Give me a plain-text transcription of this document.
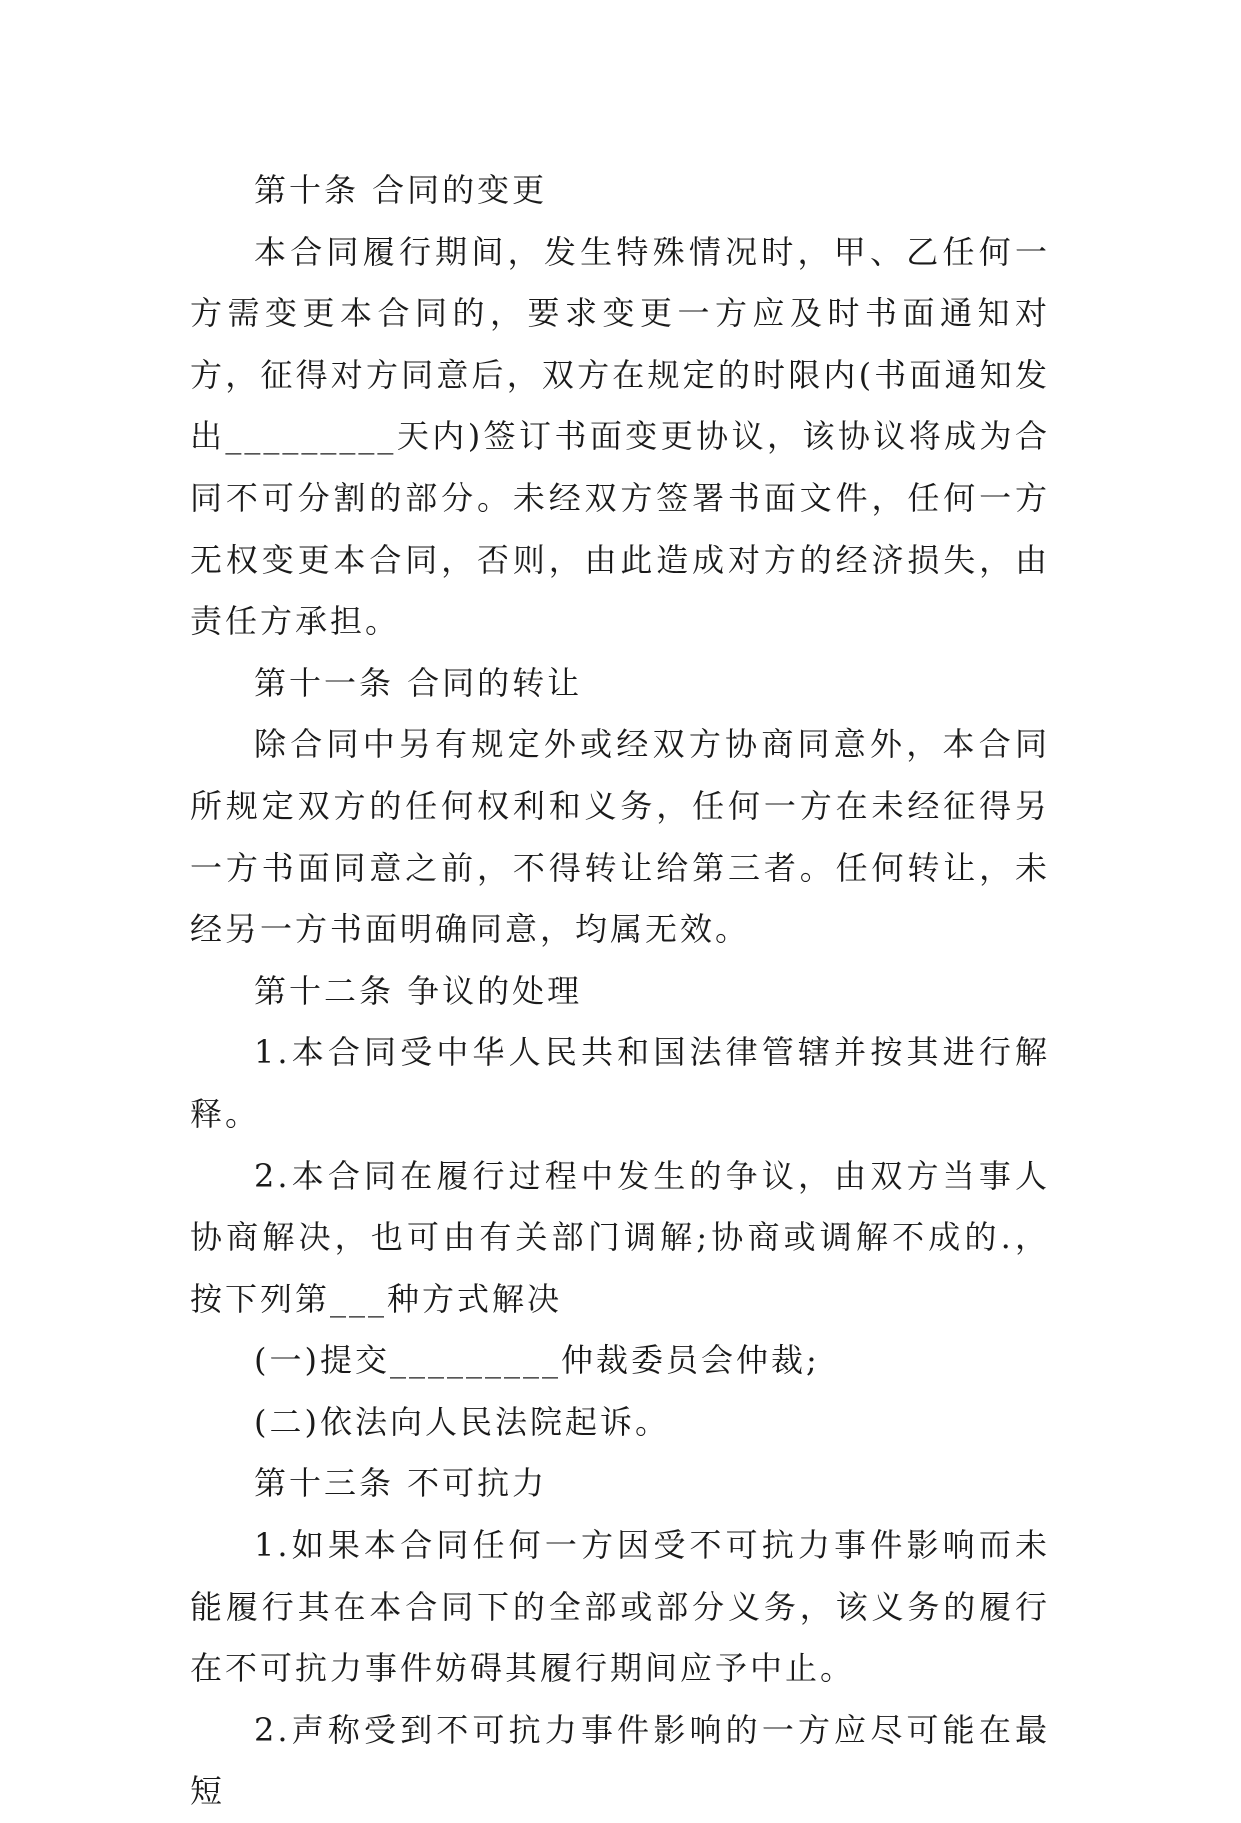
第十条 合同的变更

本合同履行期间，发生特殊情况时，甲、乙任何一方需变更本合同的，要求变更一方应及时书面通知对方，征得对方同意后，双方在规定的时限内(书面通知发出_________天内)签订书面变更协议，该协议将成为合同不可分割的部分。未经双方签署书面文件，任何一方无权变更本合同，否则，由此造成对方的经济损失，由责任方承担。

第十一条 合同的转让

除合同中另有规定外或经双方协商同意外，本合同所规定双方的任何权利和义务，任何一方在未经征得另一方书面同意之前，不得转让给第三者。任何转让，未经另一方书面明确同意，均属无效。

第十二条 争议的处理

1.本合同受中华人民共和国法律管辖并按其进行解释。

2.本合同在履行过程中发生的争议，由双方当事人协商解决，也可由有关部门调解;协商或调解不成的.，按下列第___种方式解决

(一)提交_________仲裁委员会仲裁;

(二)依法向人民法院起诉。

第十三条 不可抗力

1.如果本合同任何一方因受不可抗力事件影响而未能履行其在本合同下的全部或部分义务，该义务的履行在不可抗力事件妨碍其履行期间应予中止。

2.声称受到不可抗力事件影响的一方应尽可能在最短
